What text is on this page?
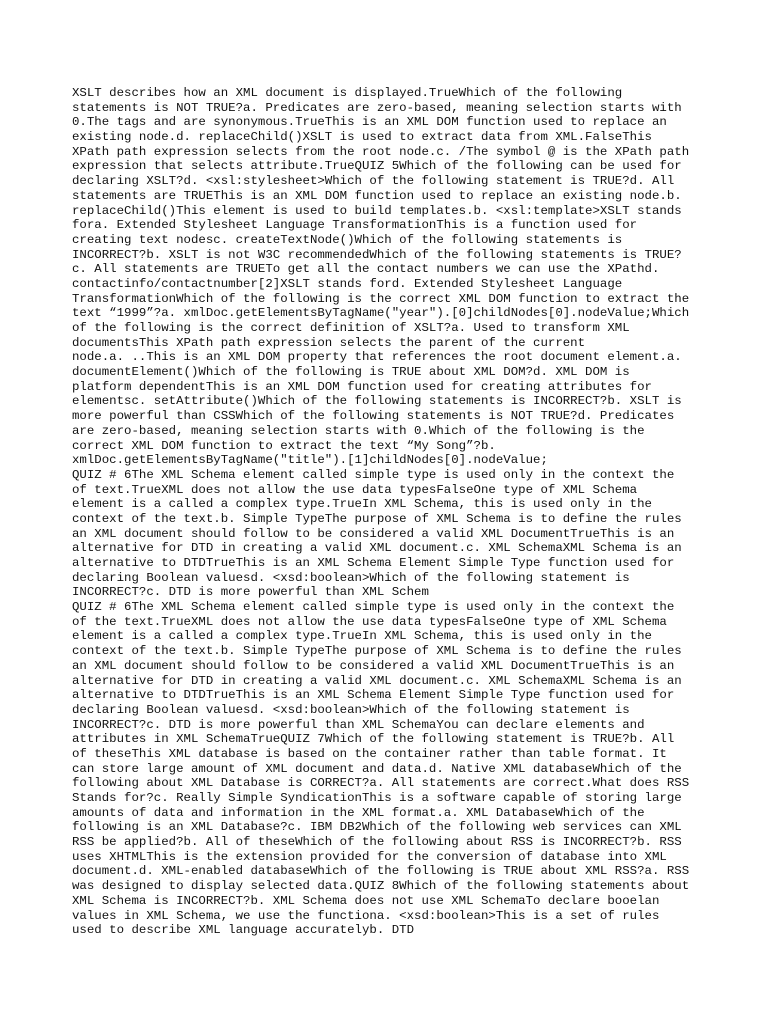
XSLT describes how an XML document is displayed.TrueWhich of the following
statements is NOT TRUE?a. Predicates are zero-based, meaning selection starts with
0.The tags and are synonymous.TrueThis is an XML DOM function used to replace an
existing node.d. replaceChild()XSLT is used to extract data from XML.FalseThis
XPath path expression selects from the root node.c. /The symbol @ is the XPath path
expression that selects attribute.TrueQUIZ 5Which of the following can be used for
declaring XSLT?d. <xsl:stylesheet>Which of the following statement is TRUE?d. All
statements are TRUEThis is an XML DOM function used to replace an existing node.b.
replaceChild()This element is used to build templates.b. <xsl:template>XSLT stands
fora. Extended Stylesheet Language TransformationThis is a function used for
creating text nodesc. createTextNode()Which of the following statements is
INCORRECT?b. XSLT is not W3C recommendedWhich of the following statements is TRUE?
c. All statements are TRUETo get all the contact numbers we can use the XPathd.
contactinfo/contactnumber[2]XSLT stands ford. Extended Stylesheet Language
TransformationWhich of the following is the correct XML DOM function to extract the
text “1999”?a. xmlDoc.getElementsByTagName("year").[0]childNodes[0].nodeValue;Which
of the following is the correct definition of XSLT?a. Used to transform XML
documentsThis XPath path expression selects the parent of the current
node.a. ..This is an XML DOM property that references the root document element.a.
documentElement()Which of the following is TRUE about XML DOM?d. XML DOM is
platform dependentThis is an XML DOM function used for creating attributes for
elementsc. setAttribute()Which of the following statements is INCORRECT?b. XSLT is
more powerful than CSSWhich of the following statements is NOT TRUE?d. Predicates
are zero-based, meaning selection starts with 0.Which of the following is the
correct XML DOM function to extract the text “My Song”?b.
xmlDoc.getElementsByTagName("title").[1]childNodes[0].nodeValue;
QUIZ # 6The XML Schema element called simple type is used only in the context the
of text.TrueXML does not allow the use data typesFalseOne type of XML Schema
element is a called a complex type.TrueIn XML Schema, this is used only in the
context of the text.b. Simple TypeThe purpose of XML Schema is to define the rules
an XML document should follow to be considered a valid XML DocumentTrueThis is an
alternative for DTD in creating a valid XML document.c. XML SchemaXML Schema is an
alternative to DTDTrueThis is an XML Schema Element Simple Type function used for
declaring Boolean valuesd. <xsd:boolean>Which of the following statement is
INCORRECT?c. DTD is more powerful than XML Schem
QUIZ # 6The XML Schema element called simple type is used only in the context the
of the text.TrueXML does not allow the use data typesFalseOne type of XML Schema
element is a called a complex type.TrueIn XML Schema, this is used only in the
context of the text.b. Simple TypeThe purpose of XML Schema is to define the rules
an XML document should follow to be considered a valid XML DocumentTrueThis is an
alternative for DTD in creating a valid XML document.c. XML SchemaXML Schema is an
alternative to DTDTrueThis is an XML Schema Element Simple Type function used for
declaring Boolean valuesd. <xsd:boolean>Which of the following statement is
INCORRECT?c. DTD is more powerful than XML SchemaYou can declare elements and
attributes in XML SchemaTrueQUIZ 7Which of the following statement is TRUE?b. All
of theseThis XML database is based on the container rather than table format. It
can store large amount of XML document and data.d. Native XML databaseWhich of the
following about XML Database is CORRECT?a. All statements are correct.What does RSS
Stands for?c. Really Simple SyndicationThis is a software capable of storing large
amounts of data and information in the XML format.a. XML DatabaseWhich of the
following is an XML Database?c. IBM DB2Which of the following web services can XML
RSS be applied?b. All of theseWhich of the following about RSS is INCORRECT?b. RSS
uses XHTMLThis is the extension provided for the conversion of database into XML
document.d. XML-enabled databaseWhich of the following is TRUE about XML RSS?a. RSS
was designed to display selected data.QUIZ 8Which of the following statements about
XML Schema is INCORRECT?b. XML Schema does not use XML SchemaTo declare booelan
values in XML Schema, we use the functiona. <xsd:boolean>This is a set of rules
used to describe XML language accuratelyb. DTD
